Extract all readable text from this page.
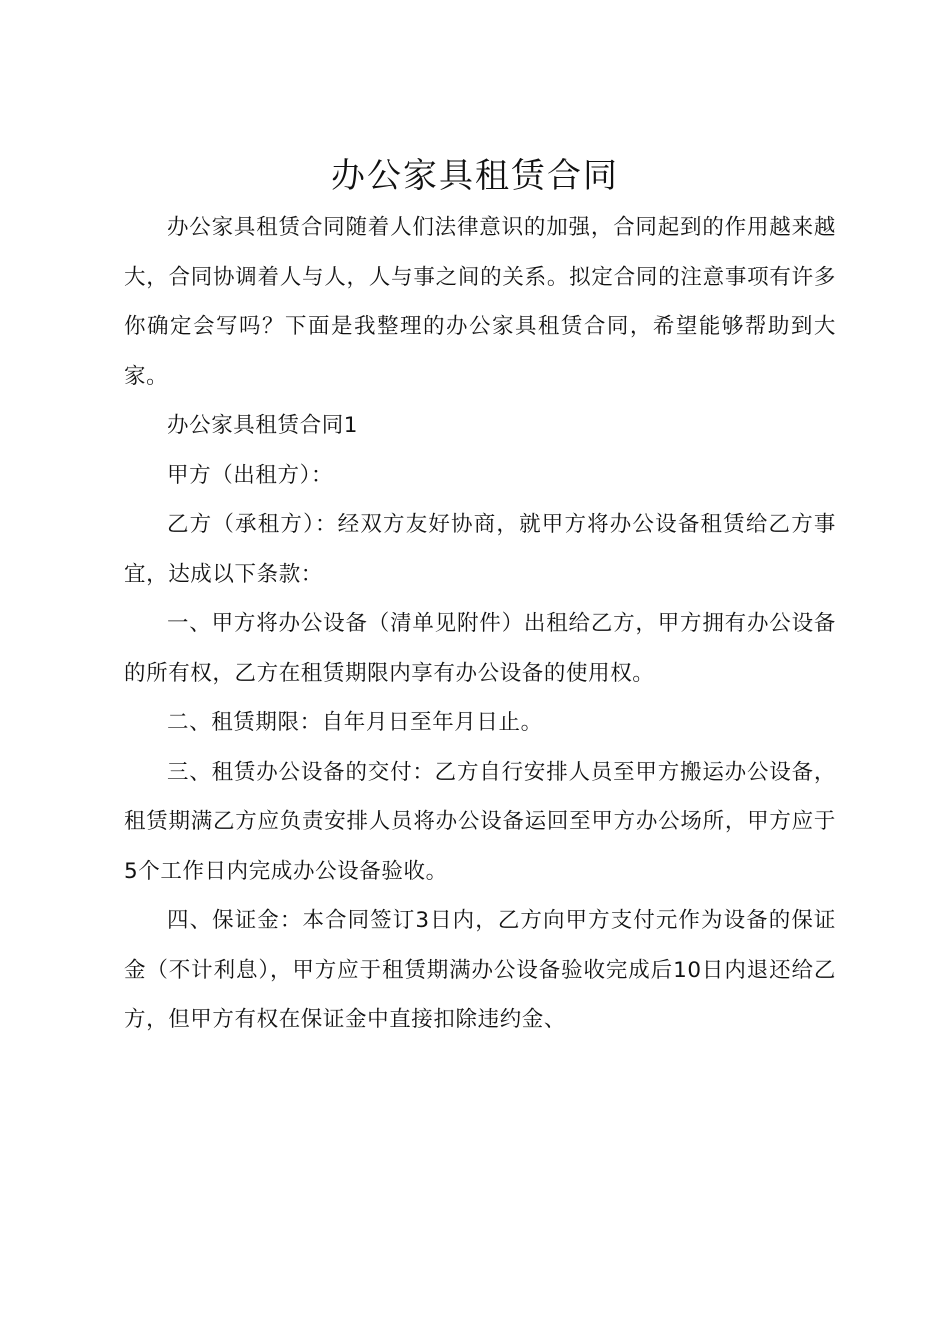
办公家具租赁合同

办公家具租赁合同随着人们法律意识的加强，合同起到的作用越来越大，合同协调着人与人，人与事之间的关系。拟定合同的注意事项有许多你确定会写吗？下面是我整理的办公家具租赁合同，希望能够帮助到大家。

办公家具租赁合同1

甲方（出租方）：

乙方（承租方）：经双方友好协商，就甲方将办公设备租赁给乙方事宜，达成以下条款：

一、甲方将办公设备（清单见附件）出租给乙方，甲方拥有办公设备的所有权，乙方在租赁期限内享有办公设备的使用权。

二、租赁期限：自年月日至年月日止。

三、租赁办公设备的交付：乙方自行安排人员至甲方搬运办公设备，租赁期满乙方应负责安排人员将办公设备运回至甲方办公场所，甲方应于5个工作日内完成办公设备验收。

四、保证金：本合同签订3日内，乙方向甲方支付元作为设备的保证金（不计利息），甲方应于租赁期满办公设备验收完成后10日内退还给乙方，但甲方有权在保证金中直接扣除违约金、
